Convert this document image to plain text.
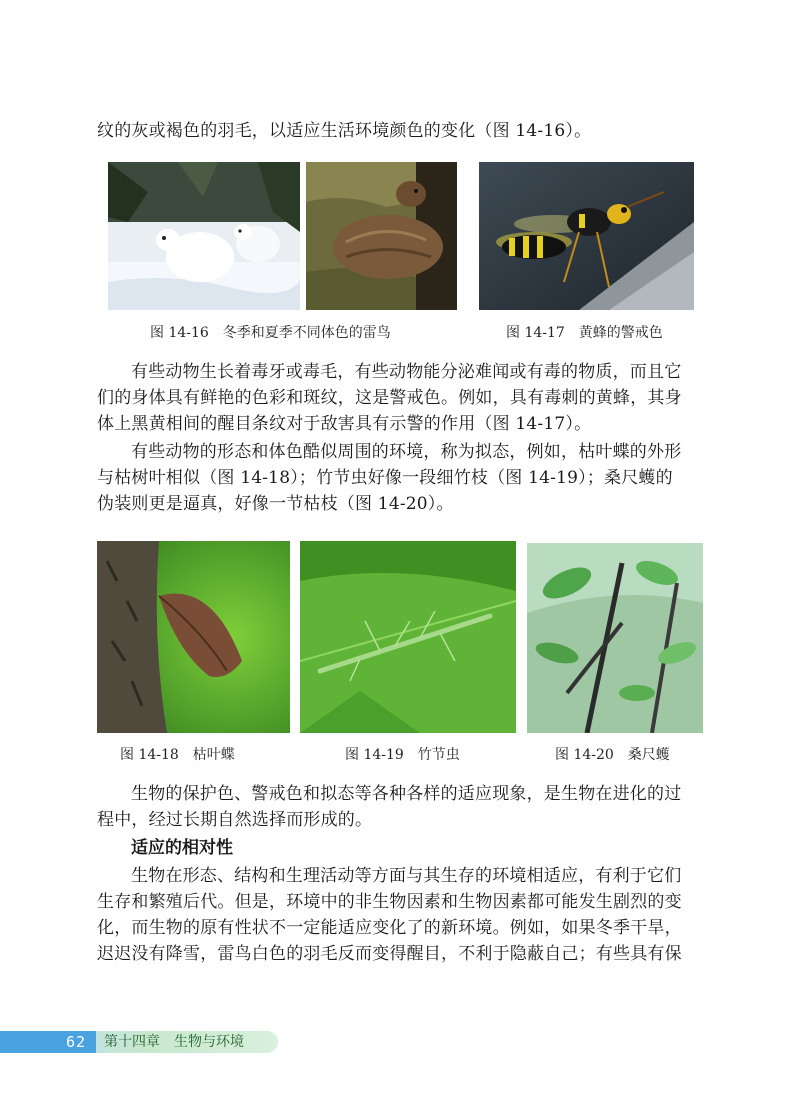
纹的灰或褐色的羽毛，以适应生活环境颜色的变化（图 14-16）。
图 14-16　冬季和夏季不同体色的雷鸟	图 14-17　黄蜂的警戒色
有些动物生长着毒牙或毒毛，有些动物能分泌难闻或有毒的物质，而且它
们的身体具有鲜艳的色彩和斑纹，这是警戒色。例如，具有毒刺的黄蜂，其身
体上黑黄相间的醒目条纹对于敌害具有示警的作用（图 14-17）。
有些动物的形态和体色酷似周围的环境，称为拟态，例如，枯叶蝶的外形
与枯树叶相似（图 14-18）；竹节虫好像一段细竹枝（图 14-19）；桑尺蠖的
伪装则更是逼真，好像一节枯枝（图 14-20）。
图 14-18　枯叶蝶	图 14-19　竹节虫	图 14-20　桑尺蠖
生物的保护色、警戒色和拟态等各种各样的适应现象，是生物在进化的过
程中，经过长期自然选择而形成的。
适应的相对性
生物在形态、结构和生理活动等方面与其生存的环境相适应，有利于它们
生存和繁殖后代。但是，环境中的非生物因素和生物因素都可能发生剧烈的变
化，而生物的原有性状不一定能适应变化了的新环境。例如，如果冬季干旱，
迟迟没有降雪，雷鸟白色的羽毛反而变得醒目，不利于隐蔽自己；有些具有保
62 第十四章　生物与环境
